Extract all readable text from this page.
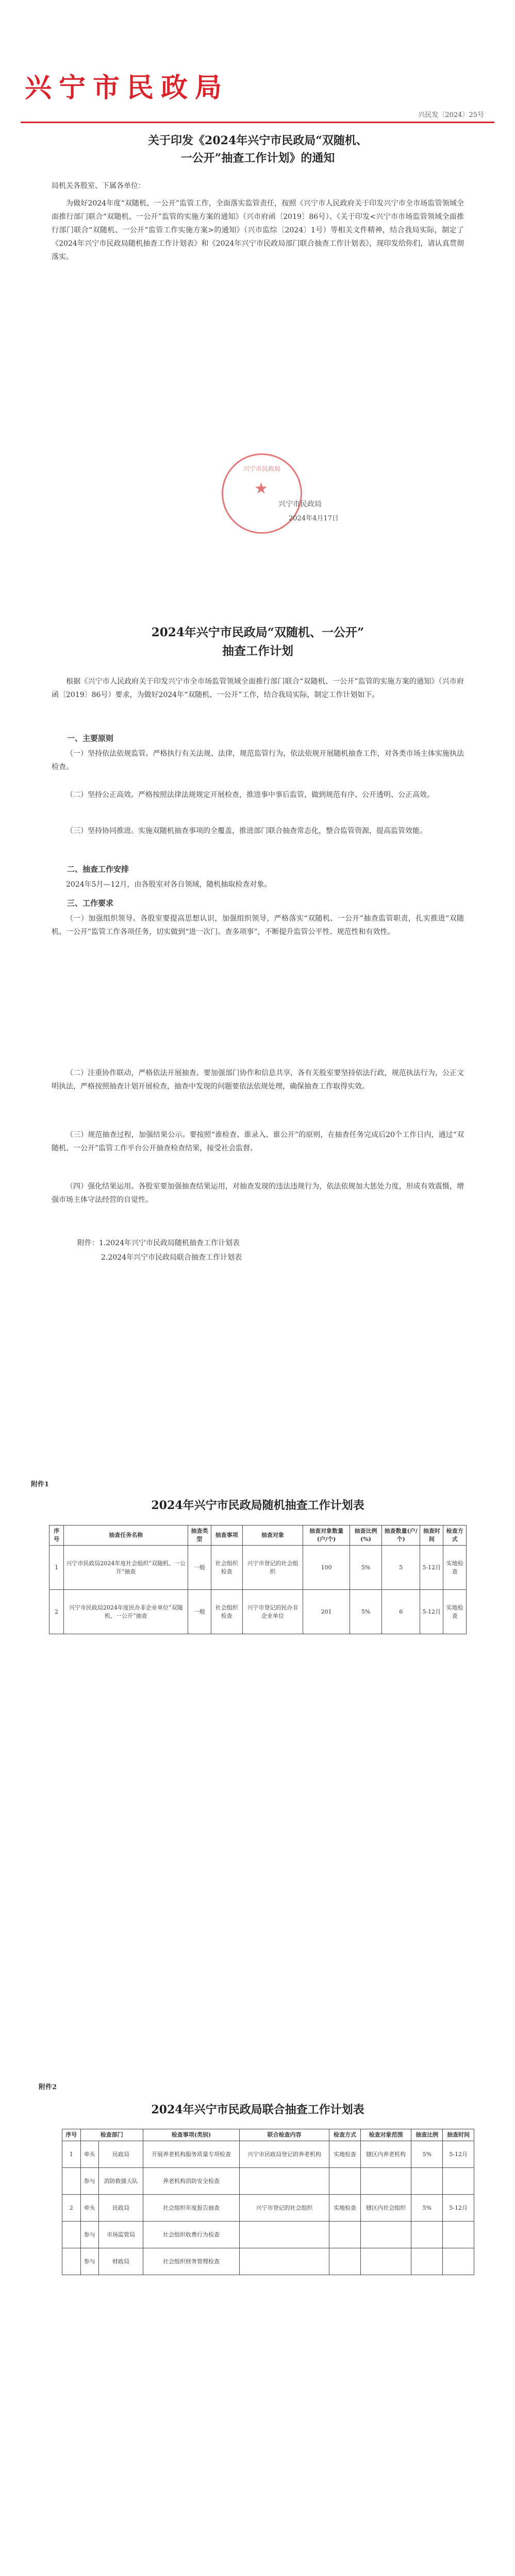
兴宁市民政局
兴民发〔2024〕25号
关于印发《2024年兴宁市民政局“双随机、
一公开”抽查工作计划》的通知
局机关各股室、下属各单位：
为做好2024年度“双随机、一公开”监管工作，全面落实监管责任，按照《兴宁市人民政府关于印发兴宁市全市场监管领域全面推行部门联合“双随机、一公开”监管的实施方案的通知》（兴市府函〔2019〕86号）、《关于印发<兴宁市市场监管领域全面推行部门联合“双随机、一公开”监管工作实施方案>的通知》（兴市监综〔2024〕1号）等相关文件精神，结合我局实际，制定了《2024年兴宁市民政局随机抽查工作计划表》和《2024年兴宁市民政局部门联合抽查工作计划表》，现印发给你们，请认真贯彻落实。
兴宁市民政局
★
兴宁市民政局
2024年4月17日
2024年兴宁市民政局“双随机、一公开”
抽查工作计划
根据《兴宁市人民政府关于印发兴宁市全市场监管领域全面推行部门联合“双随机、一公开”监管的实施方案的通知》（兴市府函〔2019〕86号）要求，为做好2024年“双随机、一公开”工作，结合我局实际，制定工作计划如下。
一、主要原则
（一）坚持依法依规监管。严格执行有关法规、法律，规范监管行为，依法依规开展随机抽查工作，对各类市场主体实施执法检查。
（二）坚持公正高效。严格按照法律法规规定开展检查，推进事中事后监管，做到规范有序、公开透明、公正高效。
（三）坚持协同推进。实施双随机抽查事项的全覆盖，推进部门联合抽查常态化，整合监管资源，提高监管效能。
二、抽查工作安排
2024年5月—12月，由各股室对各自领域，随机抽取检查对象。
三、工作要求
（一）加强组织领导。各股室要提高思想认识，加强组织领导，严格落实“双随机、一公开”抽查监管职责，扎实推进“双随机、一公开”监管工作各项任务，切实做到“进一次门、查多项事”，不断提升监管公平性、规范性和有效性。
（二）注重协作联动，严格依法开展抽查。要加强部门协作和信息共享，各有关股室要坚持依法行政，规范执法行为，公正文明执法，严格按照抽查计划开展检查，抽查中发现的问题要依法依规处理，确保抽查工作取得实效。
（三）规范抽查过程，加强结果公示。要按照“谁检查、谁录入、谁公开”的原则，在抽查任务完成后20个工作日内，通过“双随机、一公开”监管工作平台公开抽查检查结果，接受社会监督。
（四）强化结果运用。各股室要加强抽查结果运用，对抽查发现的违法违规行为，依法依规加大惩处力度，形成有效震慑，增强市场主体守法经营的自觉性。
附件：1.2024年兴宁市民政局随机抽查工作计划表
2.2024年兴宁市民政局联合抽查工作计划表
附件1
2024年兴宁市民政局随机抽查工作计划表
序号	抽查任务名称	抽查类型	抽查事项	抽查对象	抽查对象数量(户/个)	抽查比例(%)	抽查数量(户/个)	抽查时间	检查方式
1	兴宁市民政局2024年度社会组织“双随机、一公开”抽查	一般	社会组织检查	兴宁市登记的社会组织	100	5%	5	5-12月	实地检查
2	兴宁市民政局2024年度民办非企业单位“双随机、一公开”抽查	一般	社会组织检查	兴宁市登记的民办非企业单位	201	5%	6	5-12月	实地检查
附件2
2024年兴宁市民政局联合抽查工作计划表
序号	检查部门		检查事项(类别)	联合检查内容	检查方式	检查对象范围	抽查比例	抽查时间
1	牵头	民政局	开展养老机构服务质量专项检查	兴宁市民政局登记的养老机构	实地检查	辖区内养老机构	5%	5-12月
	参与	消防救援大队	养老机构消防安全检查					
2	牵头	民政局	社会组织年度报告抽查	兴宁市登记的社会组织	实地检查	辖区内社会组织	5%	5-12月
	参与	市场监管局	社会组织收费行为检查					
	参与	财政局	社会组织财务管理检查					
